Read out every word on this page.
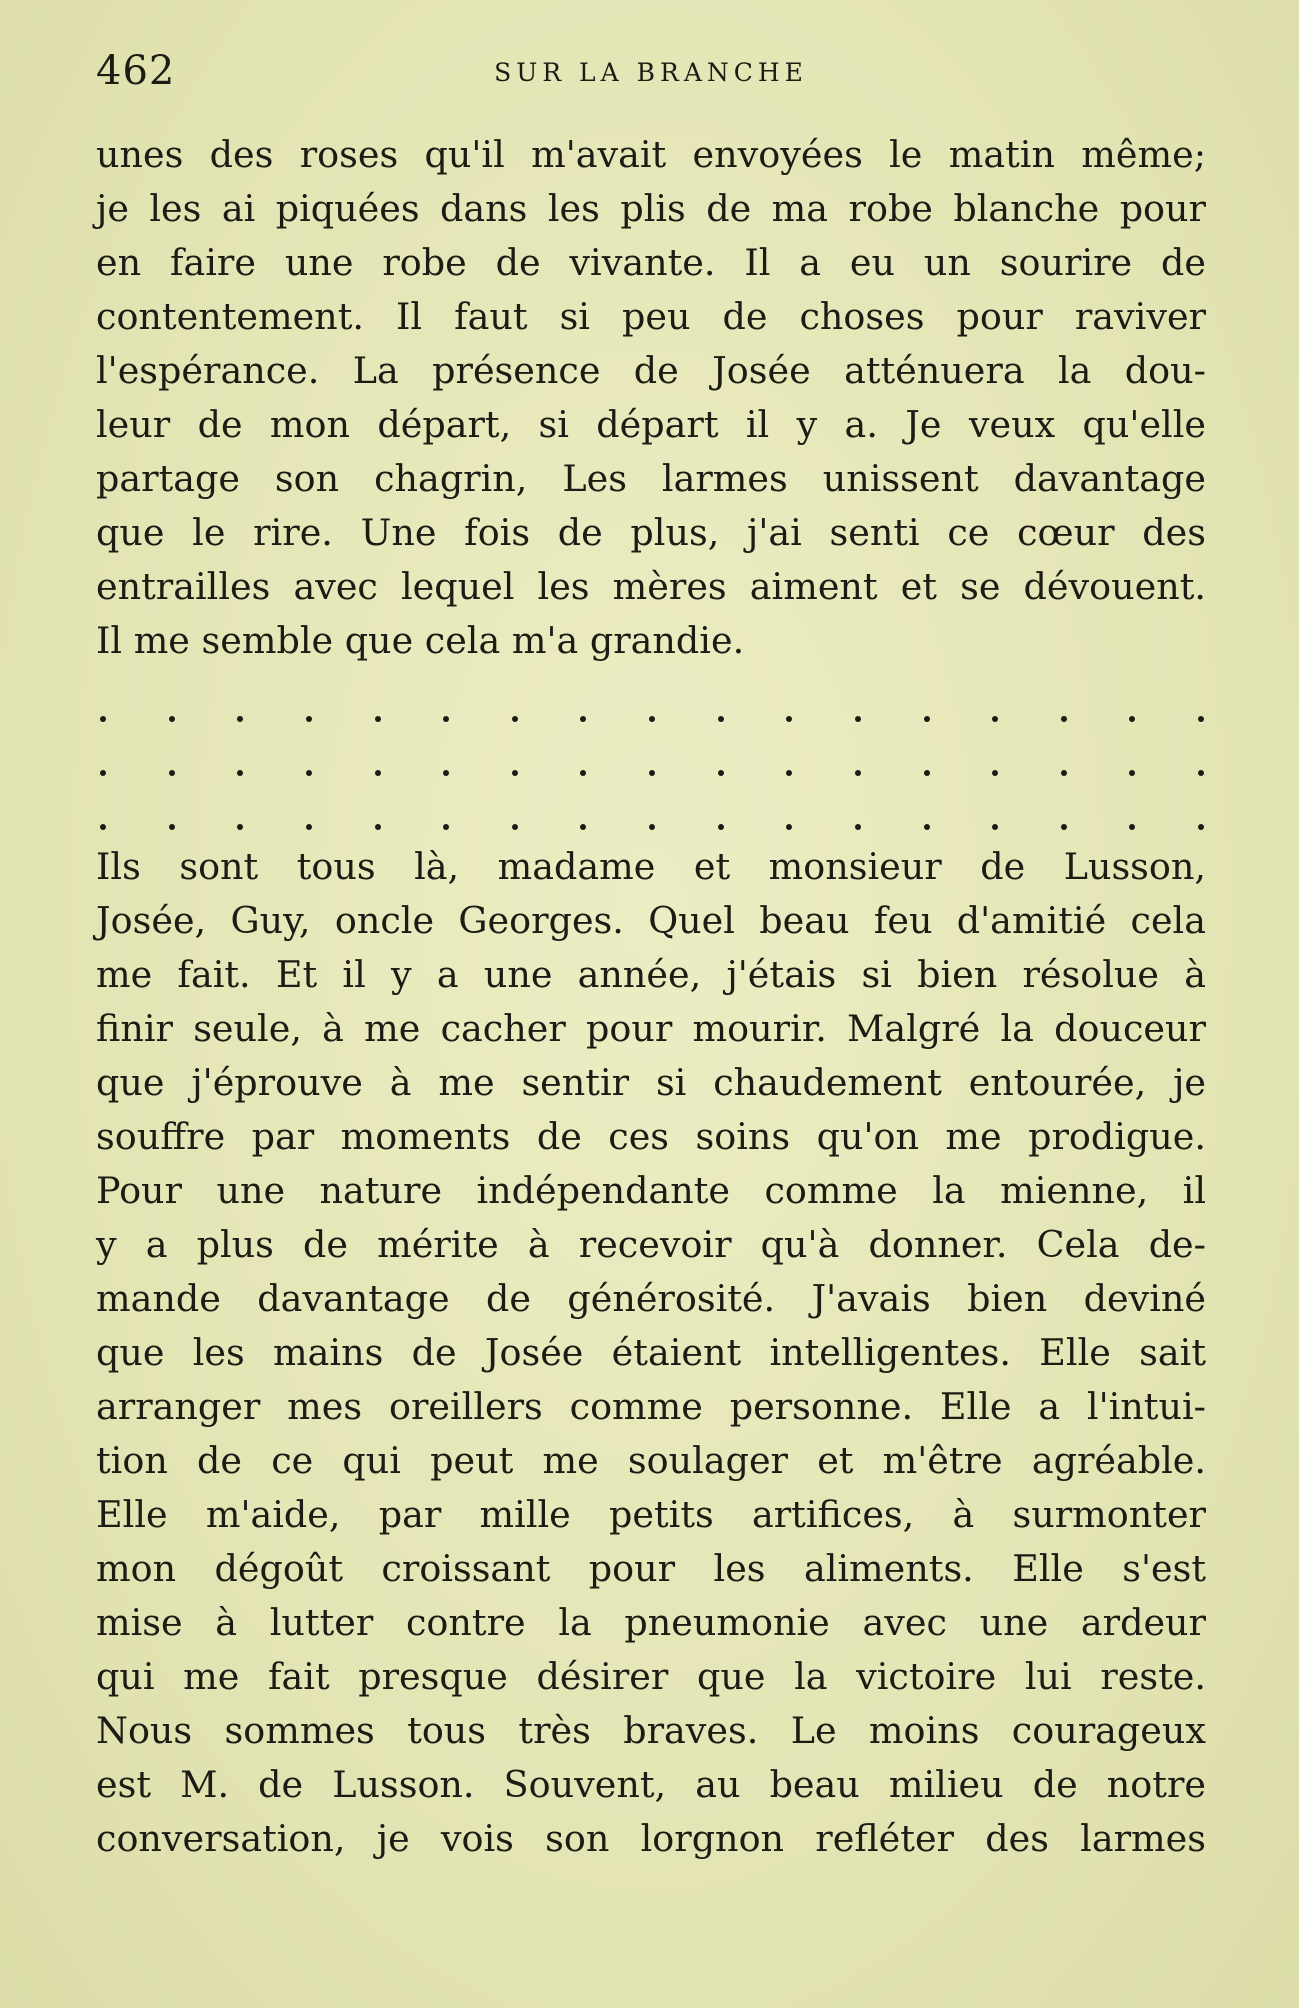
462	SUR LA BRANCHE

unes des roses qu'il m'avait envoyées le matin même;
je les ai piquées dans les plis de ma robe blanche pour
en faire une robe de vivante. Il a eu un sourire de
contentement. Il faut si peu de choses pour raviver
l'espérance. La présence de Josée atténuera la dou-
leur de mon départ, si départ il y a. Je veux qu'elle
partage son chagrin, Les larmes unissent davantage
que le rire. Une fois de plus, j'ai senti ce cœur des
entrailles avec lequel les mères aiment et se dévouent.
Il me semble que cela m'a grandie.

Ils sont tous là, madame et monsieur de Lusson,
Josée, Guy, oncle Georges. Quel beau feu d'amitié cela
me fait. Et il y a une année, j'étais si bien résolue à
finir seule, à me cacher pour mourir. Malgré la douceur
que j'éprouve à me sentir si chaudement entourée, je
souffre par moments de ces soins qu'on me prodigue.
Pour une nature indépendante comme la mienne, il
y a plus de mérite à recevoir qu'à donner. Cela de-
mande davantage de générosité. J'avais bien deviné
que les mains de Josée étaient intelligentes. Elle sait
arranger mes oreillers comme personne. Elle a l'intui-
tion de ce qui peut me soulager et m'être agréable.
Elle m'aide, par mille petits artifices, à surmonter
mon dégoût croissant pour les aliments. Elle s'est
mise à lutter contre la pneumonie avec une ardeur
qui me fait presque désirer que la victoire lui reste.
Nous sommes tous très braves. Le moins courageux
est M. de Lusson. Souvent, au beau milieu de notre
conversation, je vois son lorgnon refléter des larmes
